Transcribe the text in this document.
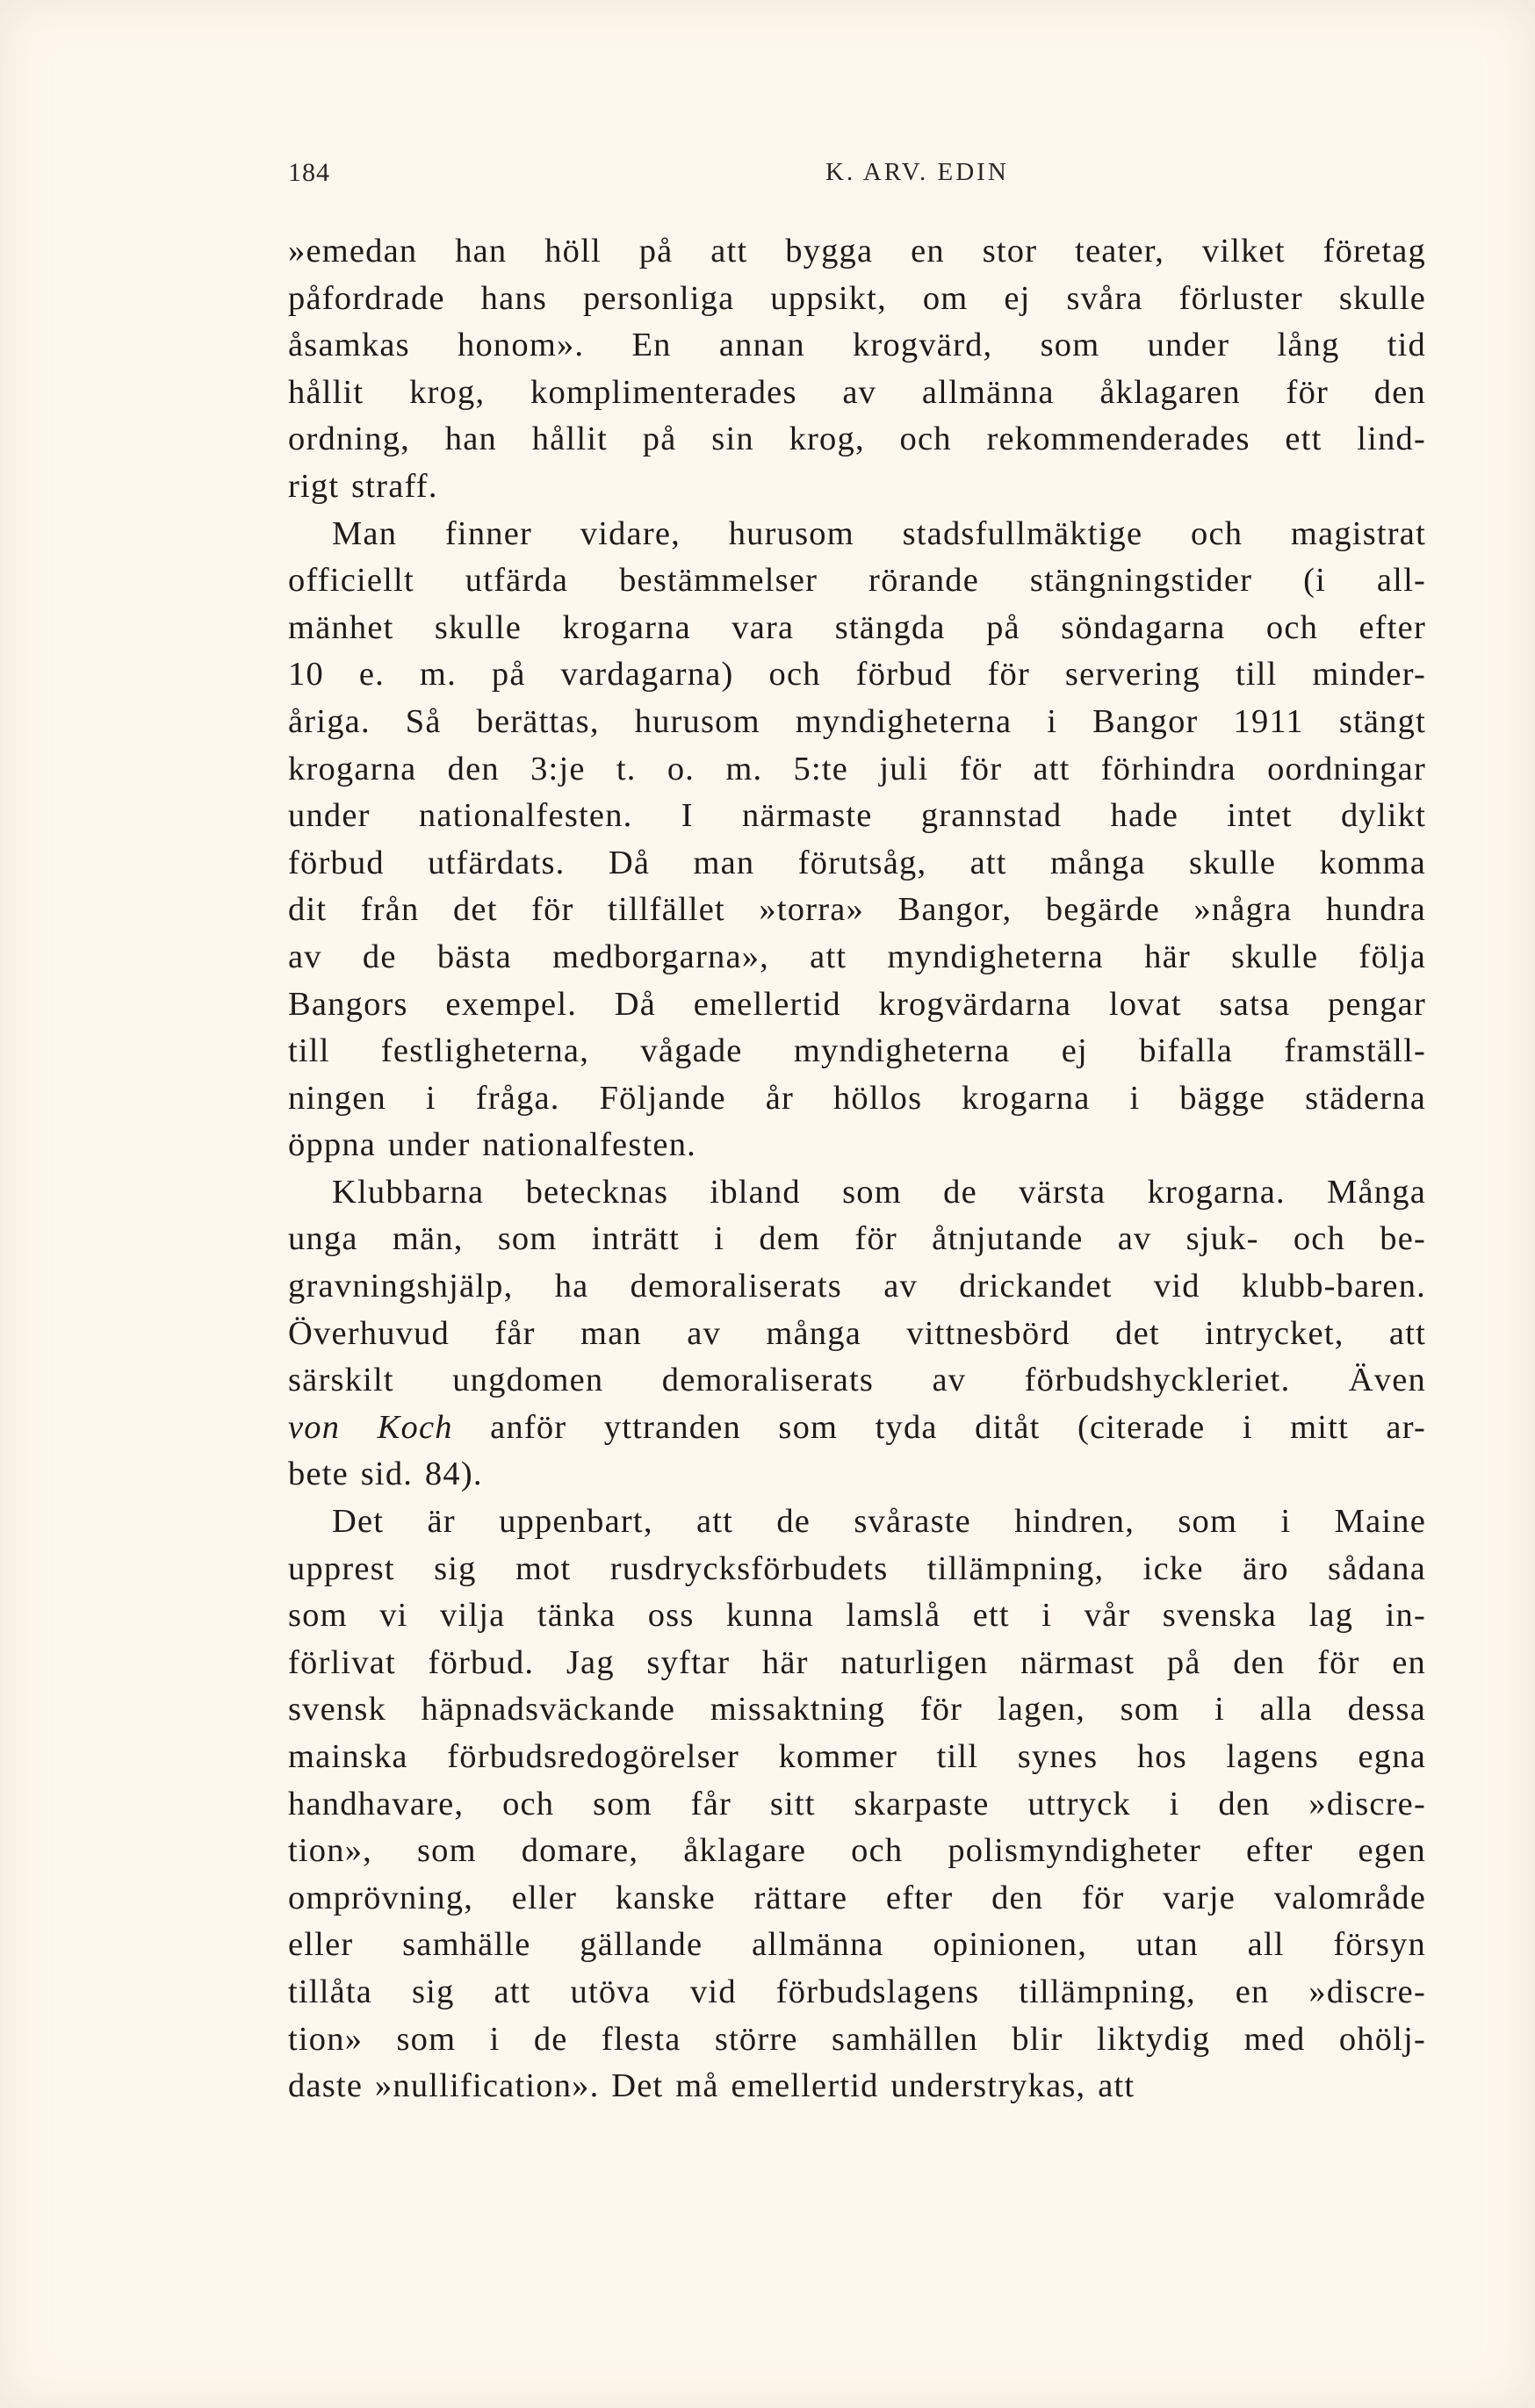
184	K. ARV. EDIN

»emedan han höll på att bygga en stor teater, vilket företag
påfordrade hans personliga uppsikt, om ej svåra förluster skulle
åsamkas honom». En annan krogvärd, som under lång tid
hållit krog, komplimenterades av allmänna åklagaren för den
ordning, han hållit på sin krog, och rekommenderades ett lind-
rigt straff.

Man finner vidare, hurusom stadsfullmäktige och magistrat
officiellt utfärda bestämmelser rörande stängningstider (i all-
mänhet skulle krogarna vara stängda på söndagarna och efter
10 e. m. på vardagarna) och förbud för servering till minder-
åriga. Så berättas, hurusom myndigheterna i Bangor 1911 stängt
krogarna den 3:je t. o. m. 5:te juli för att förhindra oordningar
under nationalfesten. I närmaste grannstad hade intet dylikt
förbud utfärdats. Då man förutsåg, att många skulle komma
dit från det för tillfället »torra» Bangor, begärde »några hundra
av de bästa medborgarna», att myndigheterna här skulle följa
Bangors exempel. Då emellertid krogvärdarna lovat satsa pengar
till festligheterna, vågade myndigheterna ej bifalla framställ-
ningen i fråga. Följande år höllos krogarna i bägge städerna
öppna under nationalfesten.

Klubbarna betecknas ibland som de värsta krogarna. Många
unga män, som inträtt i dem för åtnjutande av sjuk- och be-
gravningshjälp, ha demoraliserats av drickandet vid klubb-baren.
Överhuvud får man av många vittnesbörd det intrycket, att
särskilt ungdomen demoraliserats av förbudshyckleriet. Även
von Koch anför yttranden som tyda ditåt (citerade i mitt ar-
bete sid. 84).

Det är uppenbart, att de svåraste hindren, som i Maine
upprest sig mot rusdrycksförbudets tillämpning, icke äro sådana
som vi vilja tänka oss kunna lamslå ett i vår svenska lag in-
förlivat förbud. Jag syftar här naturligen närmast på den för en
svensk häpnadsväckande missaktning för lagen, som i alla dessa
mainska förbudsredogörelser kommer till synes hos lagens egna
handhavare, och som får sitt skarpaste uttryck i den »discre-
tion», som domare, åklagare och polismyndigheter efter egen
omprövning, eller kanske rättare efter den för varje valområde
eller samhälle gällande allmänna opinionen, utan all försyn
tillåta sig att utöva vid förbudslagens tillämpning, en »discre-
tion» som i de flesta större samhällen blir liktydig med ohölj-
daste »nullification». Det må emellertid understrykas, att
